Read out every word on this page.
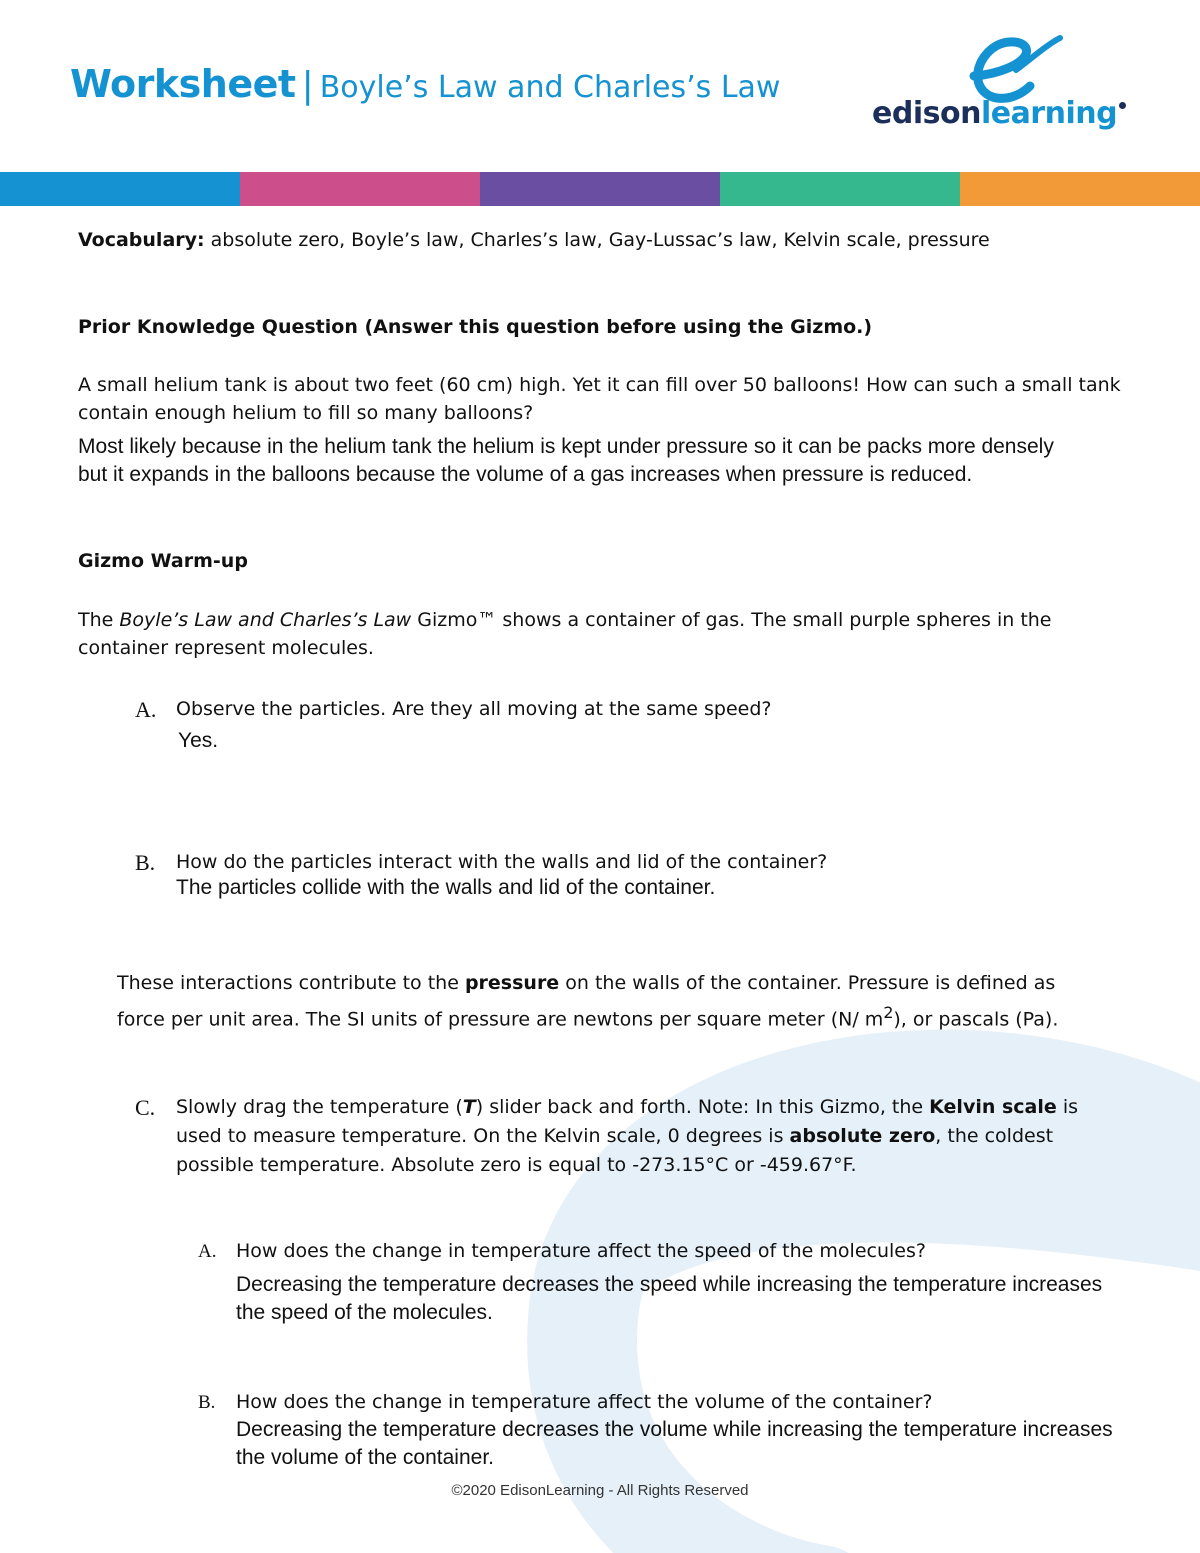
Worksheet | Boyle’s Law and Charles’s Law
edisonlearning

Vocabulary: absolute zero, Boyle’s law, Charles’s law, Gay-Lussac’s law, Kelvin scale, pressure

Prior Knowledge Question (Answer this question before using the Gizmo.)

A small helium tank is about two feet (60 cm) high. Yet it can fill over 50 balloons! How can such a small tank contain enough helium to fill so many balloons?

Most likely because in the helium tank the helium is kept under pressure so it can be packs more densely but it expands in the balloons because the volume of a gas increases when pressure is reduced.

Gizmo Warm-up

The Boyle’s Law and Charles’s Law Gizmo™ shows a container of gas. The small purple spheres in the container represent molecules.

A. Observe the particles. Are they all moving at the same speed?

Yes.

B. How do the particles interact with the walls and lid of the container?

The particles collide with the walls and lid of the container.

These interactions contribute to the pressure on the walls of the container. Pressure is defined as force per unit area. The SI units of pressure are newtons per square meter (N/ $m^2$), or pascals (Pa).

C. Slowly drag the temperature (T) slider back and forth. Note: In this Gizmo, the Kelvin scale is used to measure temperature. On the Kelvin scale, 0 degrees is absolute zero, the coldest possible temperature. Absolute zero is equal to -273.15°C or -459.67°F.

A. How does the change in temperature affect the speed of the molecules?

Decreasing the temperature decreases the speed while increasing the temperature increases the speed of the molecules.

B. How does the change in temperature affect the volume of the container?

Decreasing the temperature decreases the volume while increasing the temperature increases the volume of the container.

©2020 EdisonLearning - All Rights Reserved
